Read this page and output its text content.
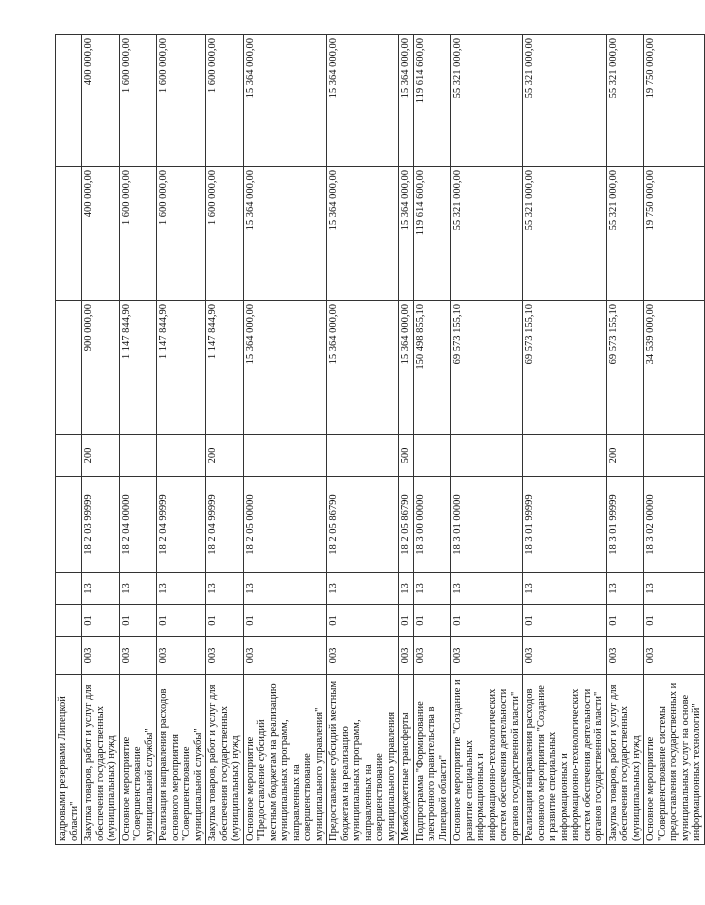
кадровыми резервами Липецкой области"								
Закупка товаров, работ и услуг для обеспечения государственных (муниципальных) нужд	003	01	13	18 2 03 99999	200	900 000,00	400 000,00	400 000,00
Основное мероприятие "Совершенствование муниципальной службы"	003	01	13	18 2 04 00000		1 147 844,90	1 600 000,00	1 600 000,00
Реализация направления расходов основного мероприятия "Совершенствование муниципальной службы"	003	01	13	18 2 04 99999		1 147 844,90	1 600 000,00	1 600 000,00
Закупка товаров, работ и услуг для обеспечения государственных (муниципальных) нужд	003	01	13	18 2 04 99999	200	1 147 844,90	1 600 000,00	1 600 000,00
Основное мероприятие "Предоставление субсидий местным бюджетам на реализацию муниципальных программ, направленных на совершенствование муниципального управления"	003	01	13	18 2 05 00000		15 364 000,00	15 364 000,00	15 364 000,00
Предоставление субсидий местным бюджетам на реализацию муниципальных программ, направленных на совершенствование муниципального управления	003	01	13	18 2 05 86790		15 364 000,00	15 364 000,00	15 364 000,00
Межбюджетные трансферты	003	01	13	18 2 05 86790	500	15 364 000,00	15 364 000,00	15 364 000,00
Подпрограмма "Формирование электронного правительства в Липецкой области"	003	01	13	18 3 00 00000		150 498 855,10	119 614 600,00	119 614 600,00
Основное мероприятие "Создание и развитие специальных информационных и информационно-технологических систем обеспечения деятельности органов государственной власти"	003	01	13	18 3 01 00000		69 573 155,10	55 321 000,00	55 321 000,00
Реализация направления расходов основного мероприятия "Создание и развитие специальных информационных и информационно-технологических систем обеспечения деятельности органов государственной власти"	003	01	13	18 3 01 99999		69 573 155,10	55 321 000,00	55 321 000,00
Закупка товаров, работ и услуг для обеспечения государственных (муниципальных) нужд	003	01	13	18 3 01 99999	200	69 573 155,10	55 321 000,00	55 321 000,00
Основное мероприятие "Совершенствование системы предоставления государственных и муниципальных услуг на основе информационных технологий"	003	01	13	18 3 02 00000		34 539 000,00	19 750 000,00	19 750 000,00
